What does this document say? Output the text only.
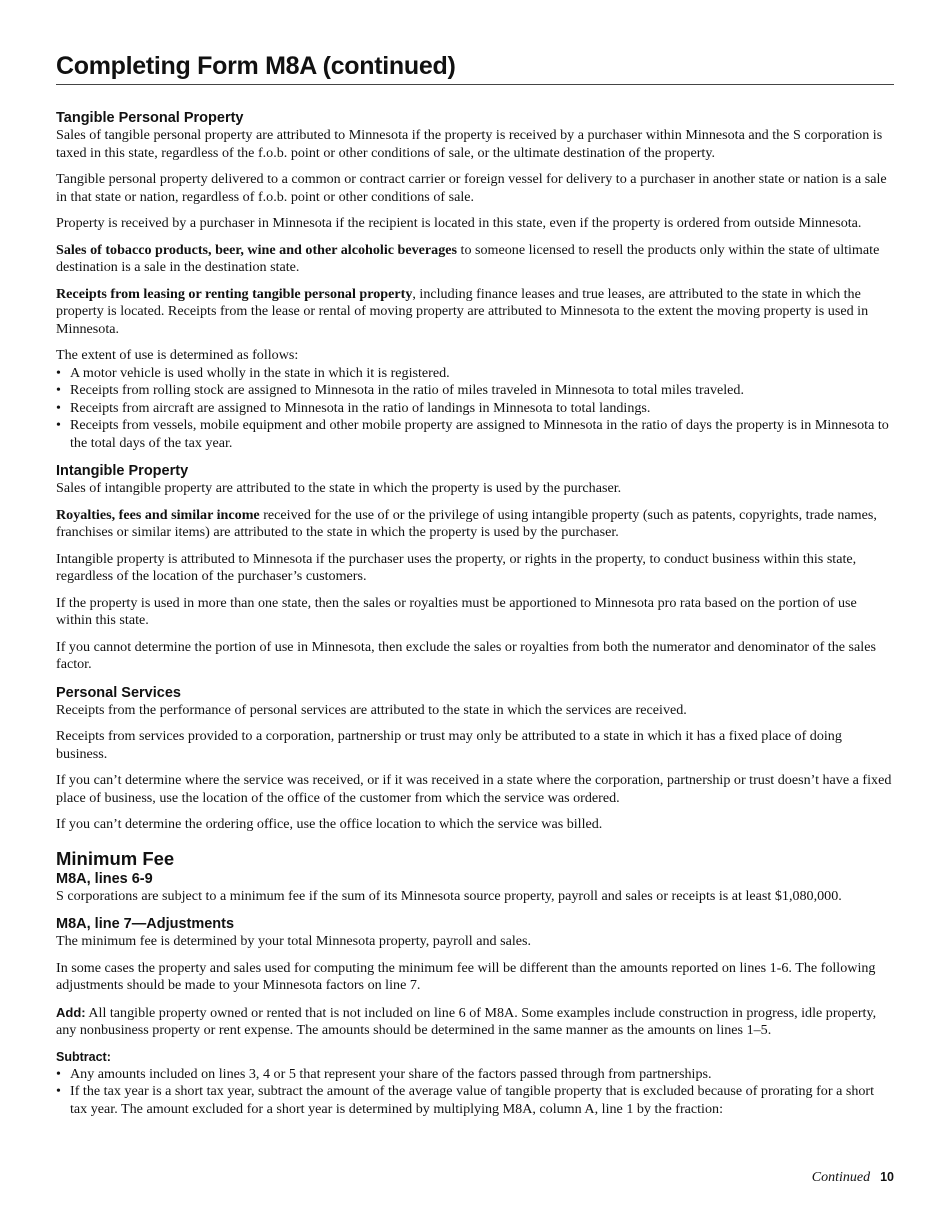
Completing Form M8A (continued)
Tangible Personal Property

Sales of tangible personal property are attributed to Minnesota if the property is received by a purchaser within Minnesota and the S corporation is taxed in this state, regardless of the f.o.b. point or other conditions of sale, or the ultimate destination of the property.

Tangible personal property delivered to a common or contract carrier or foreign vessel for delivery to a purchaser in another state or nation is a sale in that state or nation, regardless of f.o.b. point or other conditions of sale.

Property is received by a purchaser in Minnesota if the recipient is located in this state, even if the property is ordered from outside Minnesota.

Sales of tobacco products, beer, wine and other alcoholic beverages to someone licensed to resell the products only within the state of ultimate destination is a sale in the destination state.

Receipts from leasing or renting tangible personal property, including finance leases and true leases, are attributed to the state in which the property is located. Receipts from the lease or rental of moving property are attributed to Minnesota to the extent the moving property is used in Minnesota.

The extent of use is determined as follows:

• A motor vehicle is used wholly in the state in which it is registered.
• Receipts from rolling stock are assigned to Minnesota in the ratio of miles traveled in Minnesota to total miles traveled.
• Receipts from aircraft are assigned to Minnesota in the ratio of landings in Minnesota to total landings.
• Receipts from vessels, mobile equipment and other mobile property are assigned to Minnesota in the ratio of days the property is in Minnesota to the total days of the tax year.
Intangible Property

Sales of intangible property are attributed to the state in which the property is used by the purchaser.

Royalties, fees and similar income received for the use of or the privilege of using intangible property (such as patents, copyrights, trade names, franchises or similar items) are attributed to the state in which the property is used by the purchaser.

Intangible property is attributed to Minnesota if the purchaser uses the property, or rights in the property, to conduct business within this state, regardless of the location of the purchaser’s customers.

If the property is used in more than one state, then the sales or royalties must be apportioned to Minnesota pro rata based on the portion of use within this state.

If you cannot determine the portion of use in Minnesota, then exclude the sales or royalties from both the numerator and denominator of the sales factor.

Personal Services

Receipts from the performance of personal services are attributed to the state in which the services are received.

Receipts from services provided to a corporation, partnership or trust may only be attributed to a state in which it has a fixed place of doing business.

If you can’t determine where the service was received, or if it was received in a state where the corporation, partnership or trust doesn’t have a fixed place of business, use the location of the office of the customer from which the service was ordered.

If you can’t determine the ordering office, use the office location to which the service was billed.

Minimum Fee
M8A, lines 6-9

S corporations are subject to a minimum fee if the sum of its Minnesota source property, payroll and sales or receipts is at least $1,080,000.

M8A, line 7—Adjustments

The minimum fee is determined by your total Minnesota property, payroll and sales.

In some cases the property and sales used for computing the minimum fee will be different than the amounts reported on lines 1-6. The following adjustments should be made to your Minnesota factors on line 7.

Add: All tangible property owned or rented that is not included on line 6 of M8A. Some examples include construction in progress, idle property, any nonbusiness property or rent expense. The amounts should be determined in the same manner as the amounts on lines 1–5.

Subtract:
• Any amounts included on lines 3, 4 or 5 that represent your share of the factors passed through from partnerships.
• If the tax year is a short tax year, subtract the amount of the average value of tangible property that is excluded because of prorating for a short tax year. The amount excluded for a short year is determined by multiplying M8A, column A, line 1 by the fraction:
Continued 10
